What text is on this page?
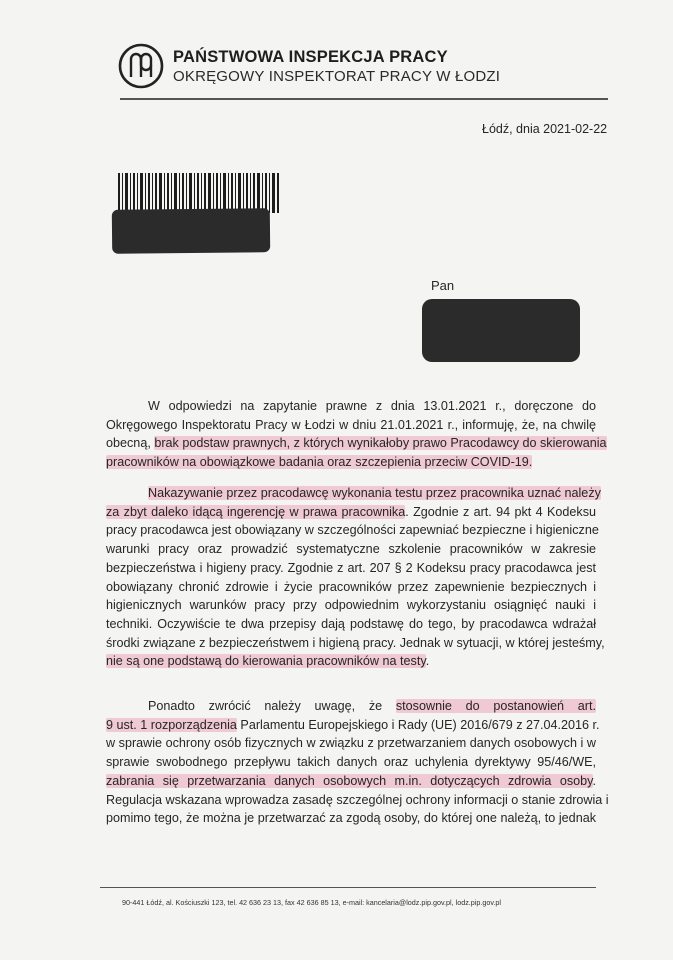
PAŃSTWOWA INSPEKCJA PRACY
OKRĘGOWY INSPEKTORAT PRACY W ŁODZI
Łódź, dnia 2021-02-22
Pan

W odpowiedzi na zapytanie prawne z dnia 13.01.2021 r., doręczone do
Okręgowego Inspektoratu Pracy w Łodzi w dniu 21.01.2021 r., informuję, że, na chwilę
obecną, brak podstaw prawnych, z których wynikałoby prawo Pracodawcy do skierowania
pracowników na obowiązkowe badania oraz szczepienia przeciw COVID-19.

Nakazywanie przez pracodawcę wykonania testu przez pracownika uznać należy
za zbyt daleko idącą ingerencję w prawa pracownika. Zgodnie z art. 94 pkt 4 Kodeksu
pracy pracodawca jest obowiązany w szczególności zapewniać bezpieczne i higieniczne
warunki pracy oraz prowadzić systematyczne szkolenie pracowników w zakresie
bezpieczeństwa i higieny pracy. Zgodnie z art. 207 § 2 Kodeksu pracy pracodawca jest
obowiązany chronić zdrowie i życie pracowników przez zapewnienie bezpiecznych i
higienicznych warunków pracy przy odpowiednim wykorzystaniu osiągnięć nauki i
techniki. Oczywiście te dwa przepisy dają podstawę do tego, by pracodawca wdrażał
środki związane z bezpieczeństwem i higieną pracy. Jednak w sytuacji, w której jesteśmy,
nie są one podstawą do kierowania pracowników na testy.

Ponadto zwrócić należy uwagę, że stosownie do postanowień art.
9 ust. 1 rozporządzenia Parlamentu Europejskiego i Rady (UE) 2016/679 z 27.04.2016 r.
w sprawie ochrony osób fizycznych w związku z przetwarzaniem danych osobowych i w
sprawie swobodnego przepływu takich danych oraz uchylenia dyrektywy 95/46/WE,
zabrania się przetwarzania danych osobowych m.in. dotyczących zdrowia osoby.
Regulacja wskazana wprowadza zasadę szczególnej ochrony informacji o stanie zdrowia i
pomimo tego, że można je przetwarzać za zgodą osoby, do której one należą, to jednak

90-441 Łódź, al. Kościuszki 123, tel. 42 636 23 13, fax 42 636 85 13, e-mail: kancelaria@lodz.pip.gov.pl, lodz.pip.gov.pl
